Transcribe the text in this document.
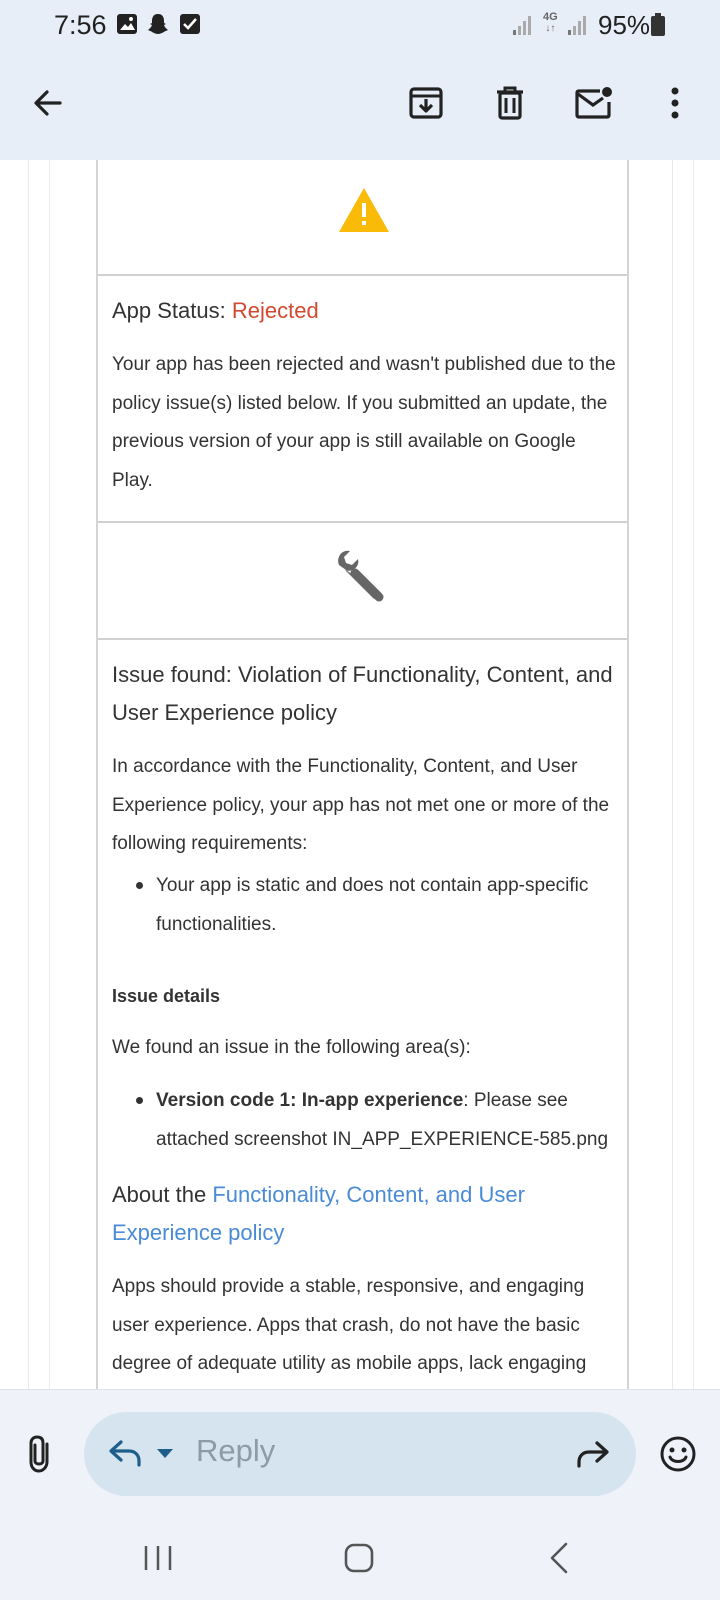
7:56	4G
↓↑ 95%
App Status: Rejected
Your app has been rejected and wasn't published due to the policy issue(s) listed below. If you submitted an update, the previous version of your app is still available on Google Play.
Issue found: Violation of Functionality, Content, and User Experience policy
In accordance with the Functionality, Content, and User Experience policy, your app has not met one or more of the following requirements:
Your app is static and does not contain app-specific functionalities.
Issue details
We found an issue in the following area(s):
Version code 1: In-app experience: Please see attached screenshot IN_APP_EXPERIENCE-585.png
About the Functionality, Content, and User Experience policy
Apps should provide a stable, responsive, and engaging user experience. Apps that crash, do not have the basic degree of adequate utility as mobile apps, lack engaging
Reply
